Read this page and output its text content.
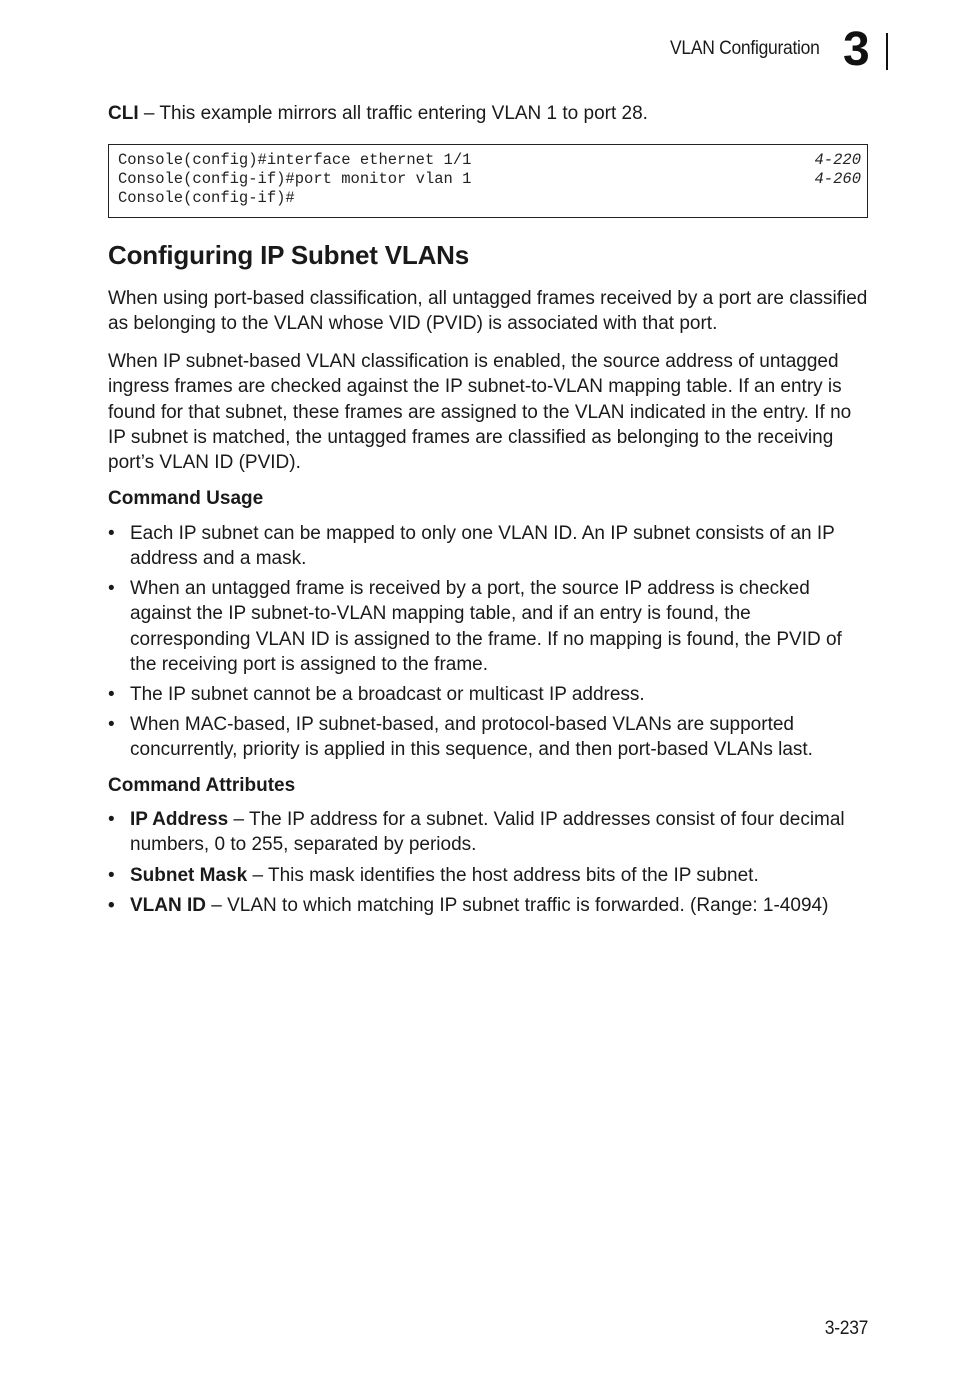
VLAN Configuration 3

CLI – This example mirrors all traffic entering VLAN 1 to port 28.

Console(config)#interface ethernet 1/1	4-220
Console(config-if)#port monitor vlan 1	4-260
Console(config-if)#
Configuring IP Subnet VLANs

When using port-based classification, all untagged frames received by a port are classified as belonging to the VLAN whose VID (PVID) is associated with that port.

When IP subnet-based VLAN classification is enabled, the source address of untagged ingress frames are checked against the IP subnet-to-VLAN mapping table. If an entry is found for that subnet, these frames are assigned to the VLAN indicated in the entry. If no IP subnet is matched, the untagged frames are classified as belonging to the receiving port’s VLAN ID (PVID).

Command Usage
• Each IP subnet can be mapped to only one VLAN ID. An IP subnet consists of an IP address and a mask.
• When an untagged frame is received by a port, the source IP address is checked against the IP subnet-to-VLAN mapping table, and if an entry is found, the corresponding VLAN ID is assigned to the frame. If no mapping is found, the PVID of the receiving port is assigned to the frame.
• The IP subnet cannot be a broadcast or multicast IP address.
• When MAC-based, IP subnet-based, and protocol-based VLANs are supported concurrently, priority is applied in this sequence, and then port-based VLANs last.
Command Attributes
• IP Address – The IP address for a subnet. Valid IP addresses consist of four decimal numbers, 0 to 255, separated by periods.
• Subnet Mask – This mask identifies the host address bits of the IP subnet.
• VLAN ID – VLAN to which matching IP subnet traffic is forwarded. (Range: 1-4094)
3-237
